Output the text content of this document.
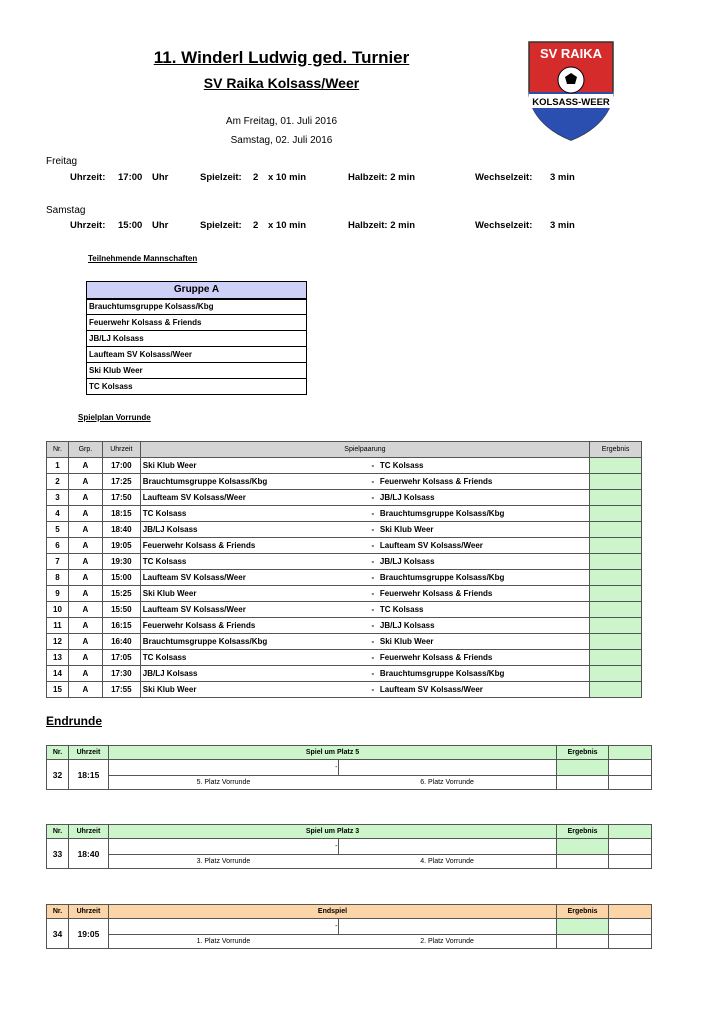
11. Winderl Ludwig ged. Turnier
SV Raika Kolsass/Weer
Am Freitag, 01. Juli 2016
Samstag, 02. Juli 2016
SV RAIKA
KOLSASS-WEER
Freitag
Uhrzeit: 17:00 Uhr	Spielzeit: 2 x 10 min	Halbzeit: 2 min	Wechselzeit: 3 min
Samstag
Uhrzeit: 15:00 Uhr	Spielzeit: 2 x 10 min	Halbzeit: 2 min	Wechselzeit: 3 min
Teilnehmende Mannschaften
Gruppe A
Brauchtumsgruppe Kolsass/Kbg
Feuerwehr Kolsass & Friends
JB/LJ Kolsass
Laufteam SV Kolsass/Weer
Ski Klub Weer
TC Kolsass
Spielplan Vorrunde
Nr.	Grp.	Uhrzeit	Spielpaarung		Ergebnis
1	A	17:00	Ski Klub Weer	- TC Kolsass	
2	A	17:25	Brauchtumsgruppe Kolsass/Kbg	- Feuerwehr Kolsass & Friends	
3	A	17:50	Laufteam SV Kolsass/Weer	- JB/LJ Kolsass	
4	A	18:15	TC Kolsass	- Brauchtumsgruppe Kolsass/Kbg	
5	A	18:40	JB/LJ Kolsass	- Ski Klub Weer	
6	A	19:05	Feuerwehr Kolsass & Friends	- Laufteam SV Kolsass/Weer	
7	A	19:30	TC Kolsass	- JB/LJ Kolsass	
8	A	15:00	Laufteam SV Kolsass/Weer	- Brauchtumsgruppe Kolsass/Kbg	
9	A	15:25	Ski Klub Weer	- Feuerwehr Kolsass & Friends	
10	A	15:50	Laufteam SV Kolsass/Weer	- TC Kolsass	
11	A	16:15	Feuerwehr Kolsass & Friends	- JB/LJ Kolsass	
12	A	16:40	Brauchtumsgruppe Kolsass/Kbg	- Ski Klub Weer	
13	A	17:05	TC Kolsass	- Feuerwehr Kolsass & Friends	
14	A	17:30	JB/LJ Kolsass	- Brauchtumsgruppe Kolsass/Kbg	
15	A	17:55	Ski Klub Weer	- Laufteam SV Kolsass/Weer	
Endrunde
Nr.	Uhrzeit	Spiel um Platz 5		Ergebnis	
32	18:15	-			
		5. Platz Vorrunde	6. Platz Vorrunde		
Nr.	Uhrzeit	Spiel um Platz 3		Ergebnis	
33	18:40	-			
		3. Platz Vorrunde	4. Platz Vorrunde		
Nr.	Uhrzeit	Endspiel		Ergebnis	
34	19:05	-			
		1. Platz Vorrunde	2. Platz Vorrunde		
